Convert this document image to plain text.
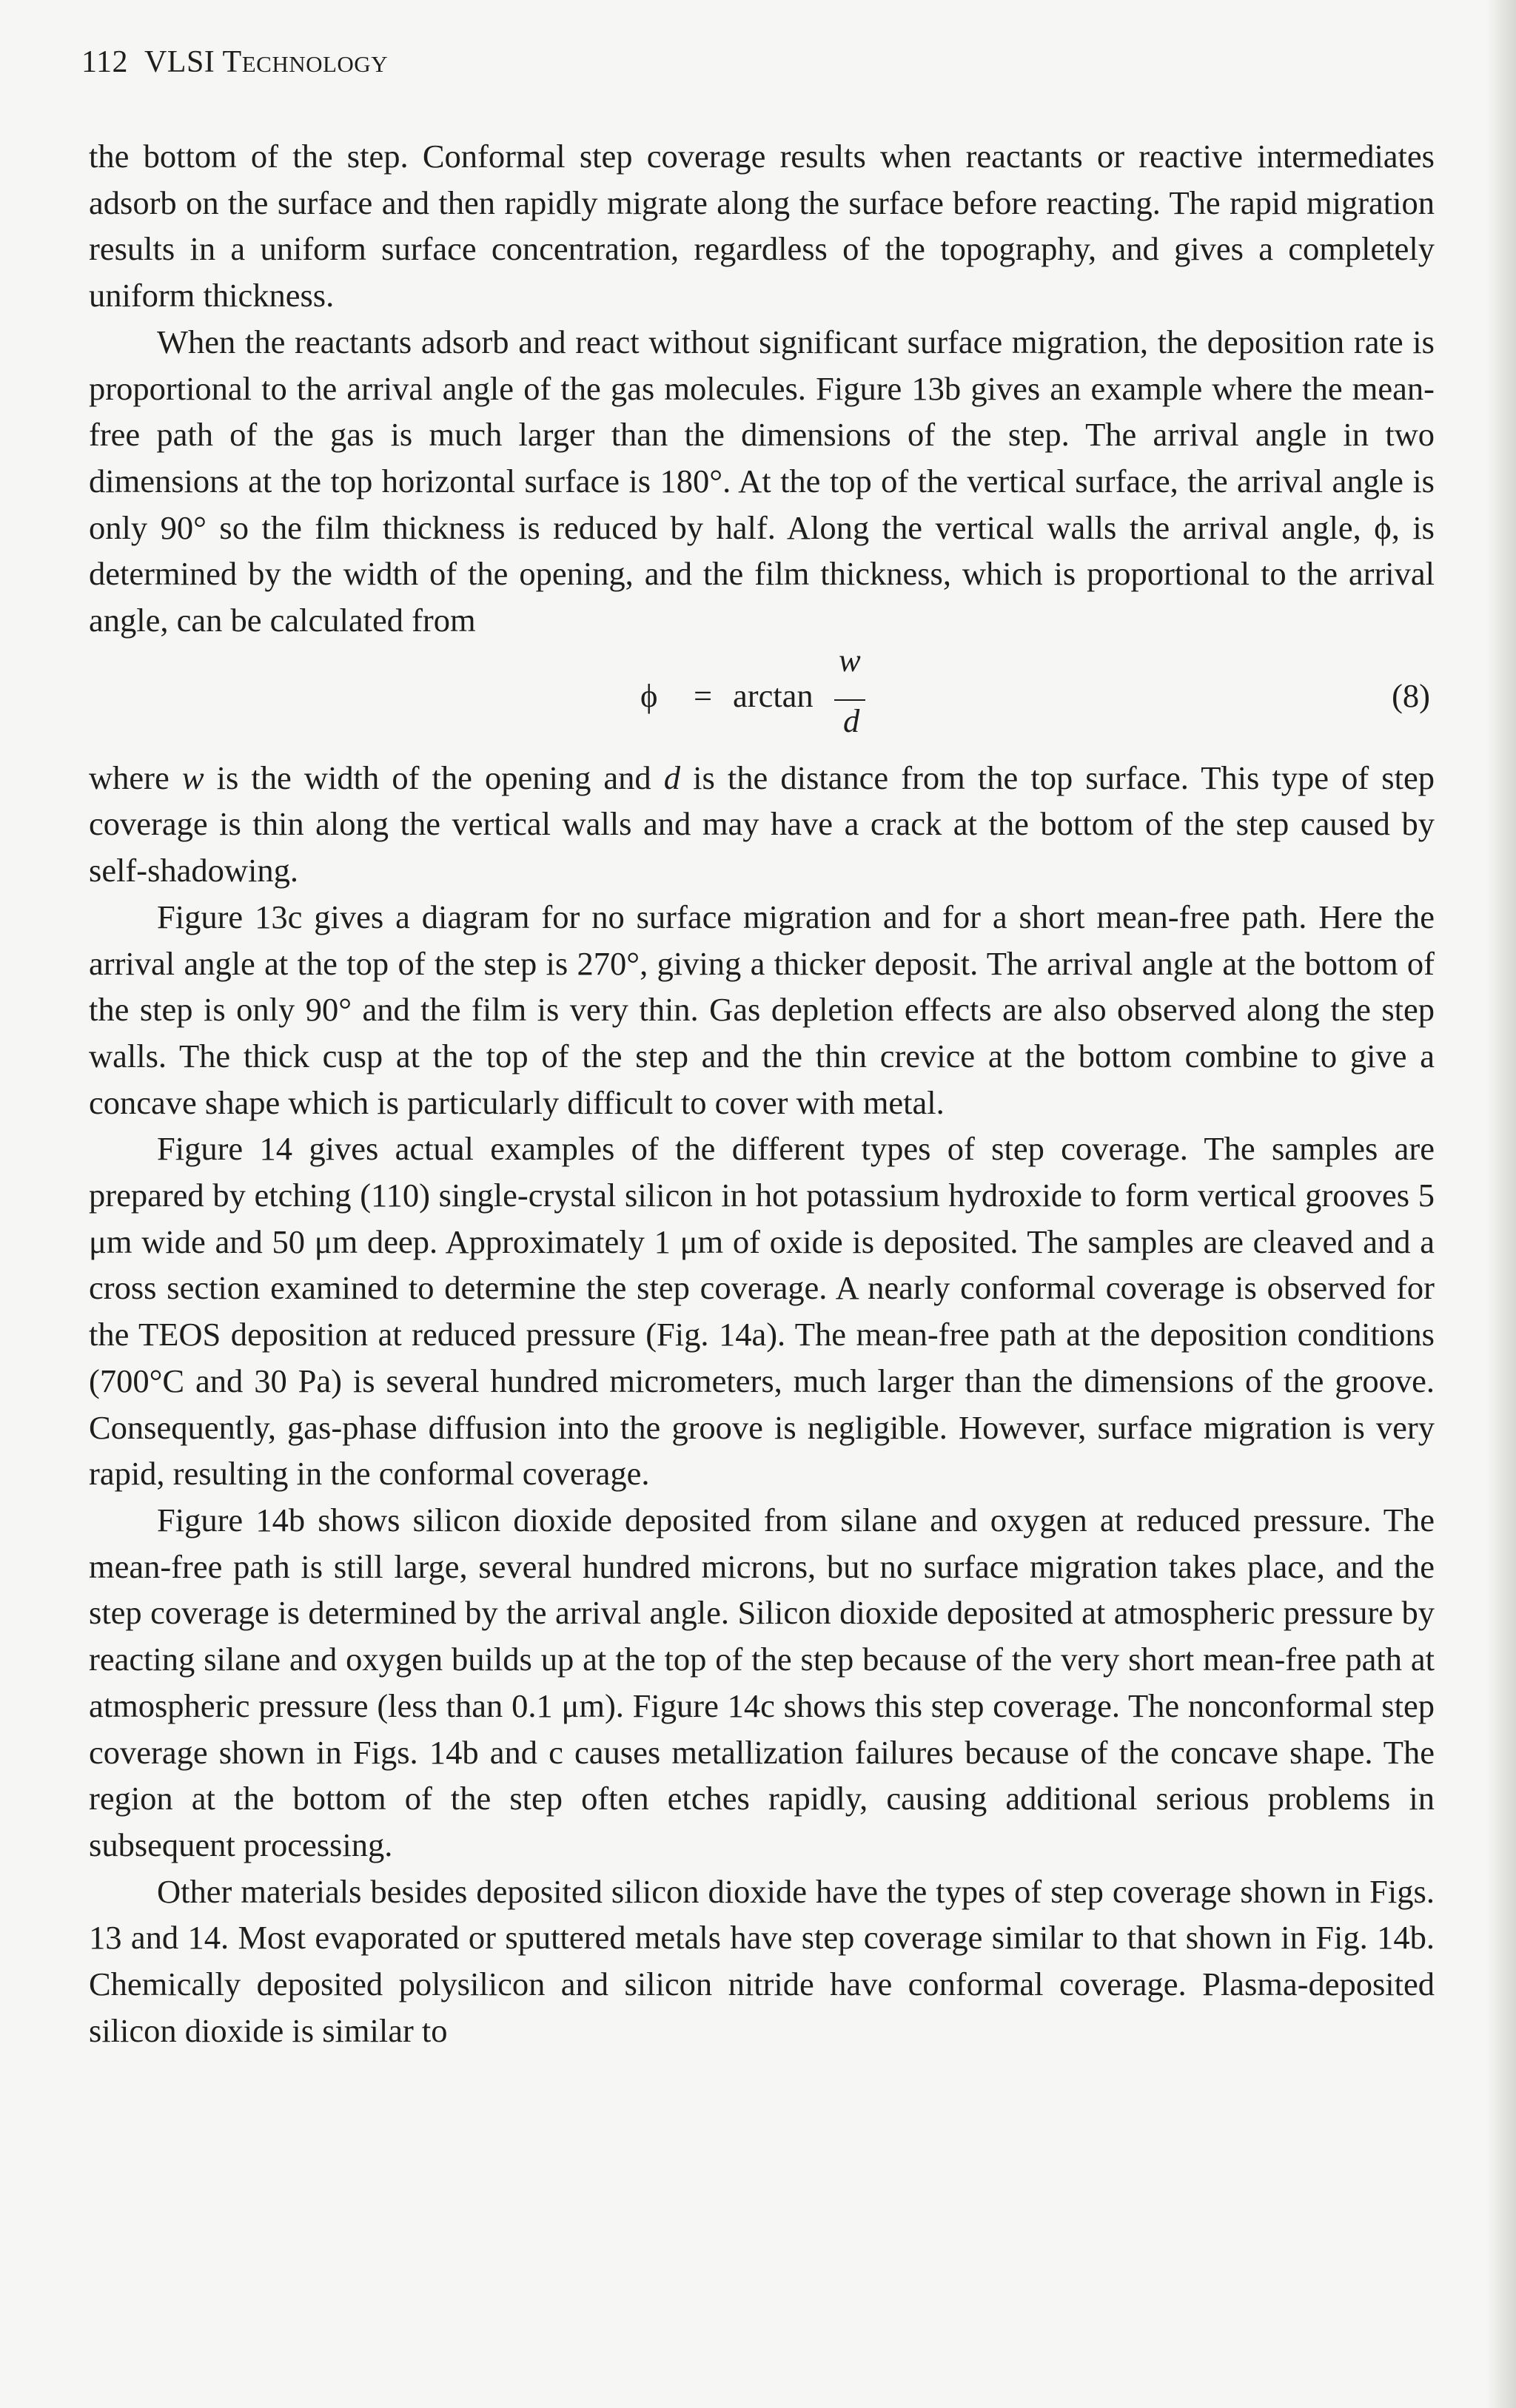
112 VLSI TECHNOLOGY

the bottom of the step. Conformal step coverage results when reactants or reactive intermediates adsorb on the surface and then rapidly migrate along the surface before reacting. The rapid migration results in a uniform surface concentration, regardless of the topography, and gives a completely uniform thickness.

When the reactants adsorb and react without significant surface migration, the deposition rate is proportional to the arrival angle of the gas molecules. Figure 13b gives an example where the mean-free path of the gas is much larger than the dimensions of the step. The arrival angle in two dimensions at the top horizontal surface is 180°. At the top of the vertical surface, the arrival angle is only 90° so the film thickness is reduced by half. Along the vertical walls the arrival angle, ϕ, is determined by the width of the opening, and the film thickness, which is proportional to the arrival angle, can be calculated from

ϕ = arctan
w
d
(8)

where w is the width of the opening and d is the distance from the top surface. This type of step coverage is thin along the vertical walls and may have a crack at the bottom of the step caused by self-shadowing.

Figure 13c gives a diagram for no surface migration and for a short mean-free path. Here the arrival angle at the top of the step is 270°, giving a thicker deposit. The arrival angle at the bottom of the step is only 90° and the film is very thin. Gas depletion effects are also observed along the step walls. The thick cusp at the top of the step and the thin crevice at the bottom combine to give a concave shape which is particularly difficult to cover with metal.

Figure 14 gives actual examples of the different types of step coverage. The samples are prepared by etching (110) single-crystal silicon in hot potassium hydroxide to form vertical grooves 5 μm wide and 50 μm deep. Approximately 1 μm of oxide is deposited. The samples are cleaved and a cross section examined to determine the step coverage. A nearly conformal coverage is observed for the TEOS deposition at reduced pressure (Fig. 14a). The mean-free path at the deposition conditions (700°C and 30 Pa) is several hundred micrometers, much larger than the dimensions of the groove. Consequently, gas-phase diffusion into the groove is negligible. However, surface migration is very rapid, resulting in the conformal coverage.

Figure 14b shows silicon dioxide deposited from silane and oxygen at reduced pressure. The mean-free path is still large, several hundred microns, but no surface migration takes place, and the step coverage is determined by the arrival angle. Silicon dioxide deposited at atmospheric pressure by reacting silane and oxygen builds up at the top of the step because of the very short mean-free path at atmospheric pressure (less than 0.1 μm). Figure 14c shows this step coverage. The nonconformal step coverage shown in Figs. 14b and c causes metallization failures because of the concave shape. The region at the bottom of the step often etches rapidly, causing additional serious problems in subsequent processing.

Other materials besides deposited silicon dioxide have the types of step coverage shown in Figs. 13 and 14. Most evaporated or sputtered metals have step coverage similar to that shown in Fig. 14b. Chemically deposited polysilicon and silicon nitride have conformal coverage. Plasma-deposited silicon dioxide is similar to
